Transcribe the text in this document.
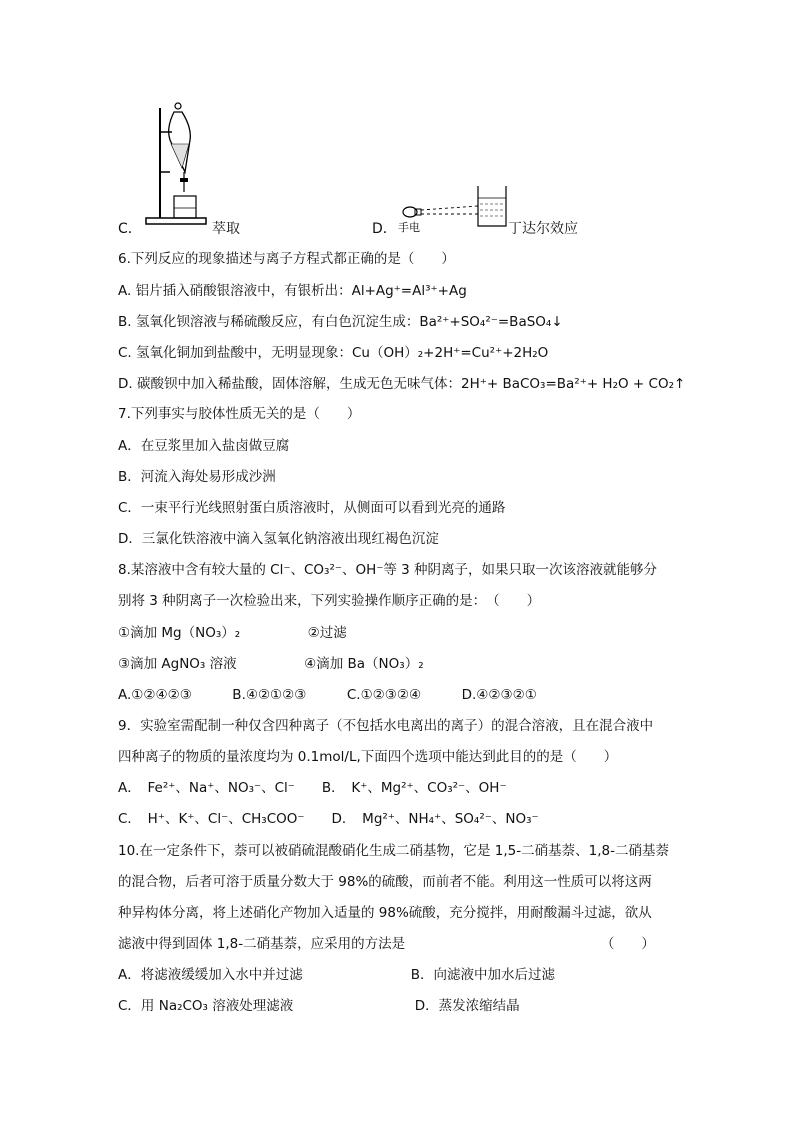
C．	萃取	D． 手电	丁达尔效应
6.下列反应的现象描述与离子方程式都正确的是（　　）
A. 铝片插入硝酸银溶液中，有银析出：Al+Ag⁺=Al³⁺+Ag
B. 氢氧化钡溶液与稀硫酸反应，有白色沉淀生成：Ba²⁺+SO₄²⁻=BaSO₄↓
C. 氢氧化铜加到盐酸中，无明显现象：Cu（OH）₂+2H⁺=Cu²⁺+2H₂O
D. 碳酸钡中加入稀盐酸，固体溶解，生成无色无味气体：2H⁺+ BaCO₃=Ba²⁺+ H₂O + CO₂↑
7.下列事实与胶体性质无关的是（　　）
A．在豆浆里加入盐卤做豆腐
B．河流入海处易形成沙洲
C．一束平行光线照射蛋白质溶液时，从侧面可以看到光亮的通路
D．三氯化铁溶液中滴入氢氧化钠溶液出现红褐色沉淀
8.某溶液中含有较大量的 Cl⁻、CO₃²⁻、OH⁻等 3 种阴离子，如果只取一次该溶液就能够分
别将 3 种阴离子一次检验出来，下列实验操作顺序正确的是：　（　　）
①滴加 Mg（NO₃）₂　　　　　②过滤
③滴加 AgNO₃ 溶液　　　　　④滴加 Ba（NO₃）₂
A.①②④②③　　　B.④②①②③　　　C.①②③②④　　　D.④②③②①
9．实验室需配制一种仅含四种离子（不包括水电离出的离子）的混合溶液，且在混合液中
四种离子的物质的量浓度均为 0.1mol/L,下面四个选项中能达到此目的的是（　　）
A．　Fe²⁺、Na⁺、NO₃⁻、Cl⁻　　B．　K⁺、Mg²⁺、CO₃²⁻、OH⁻
C．　H⁺、K⁺、Cl⁻、CH₃COO⁻　　D．　Mg²⁺、NH₄⁺、SO₄²⁻、NO₃⁻
10.在一定条件下，萘可以被硝硫混酸硝化生成二硝基物，它是 1,5-二硝基萘、1,8-二硝基萘
的混合物，后者可溶于质量分数大于 98%的硫酸，而前者不能。利用这一性质可以将这两
种异构体分离，将上述硝化产物加入适量的 98%硫酸，充分搅拌，用耐酸漏斗过滤，欲从
滤液中得到固体 1,8-二硝基萘，应采用的方法是　　　　　　　　　　　　　　　（　　）
A．将滤液缓缓加入水中并过滤　　　　　　　　B．向滤液中加水后过滤
C．用 Na₂CO₃ 溶液处理滤液　　　　　　　　　D．蒸发浓缩结晶
